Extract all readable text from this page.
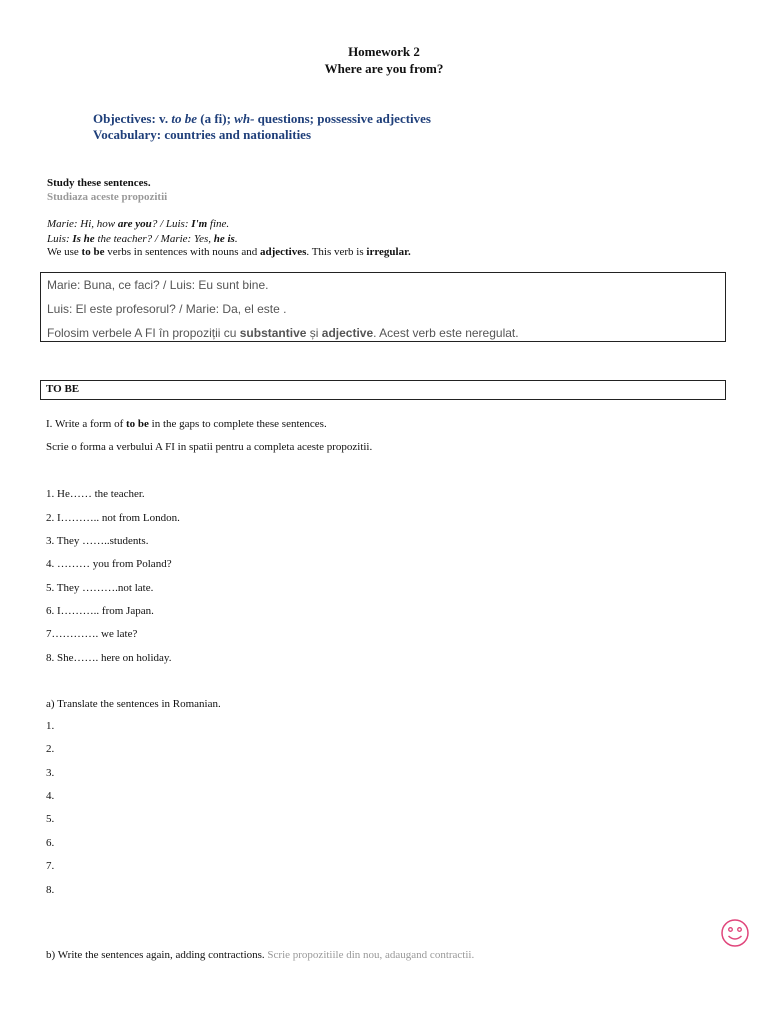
Homework 2
Where are you from?
Objectives: v. to be (a fi); wh- questions; possessive adjectives
Vocabulary: countries and nationalities
Study these sentences.
Studiaza aceste propozitii
Marie: Hi, how are you? / Luis: I'm fine.
Luis: Is he the teacher? / Marie: Yes, he is.
We use to be verbs in sentences with nouns and adjectives. This verb is irregular.
Marie: Buna, ce faci? / Luis: Eu sunt bine.
Luis: El este profesorul? / Marie: Da, el este .
Folosim verbele A FI în propoziții cu substantive și adjective. Acest verb este neregulat.
TO BE
I. Write a form of to be in the gaps to complete these sentences.
Scrie o forma a verbului A FI in spatii pentru a completa aceste propozitii.
1. He…… the teacher.
2. I……….. not from London.
3. They ……..students.
4. ……… you from Poland?
5. They ……….not late.
6. I……….. from Japan.
7…………. we late?
8. She……. here on holiday.
a) Translate the sentences in Romanian.
1.
2.
3.
4.
5.
6.
7.
8.
b) Write the sentences again, adding contractions. Scrie propozitiile din nou, adaugand contractii.
